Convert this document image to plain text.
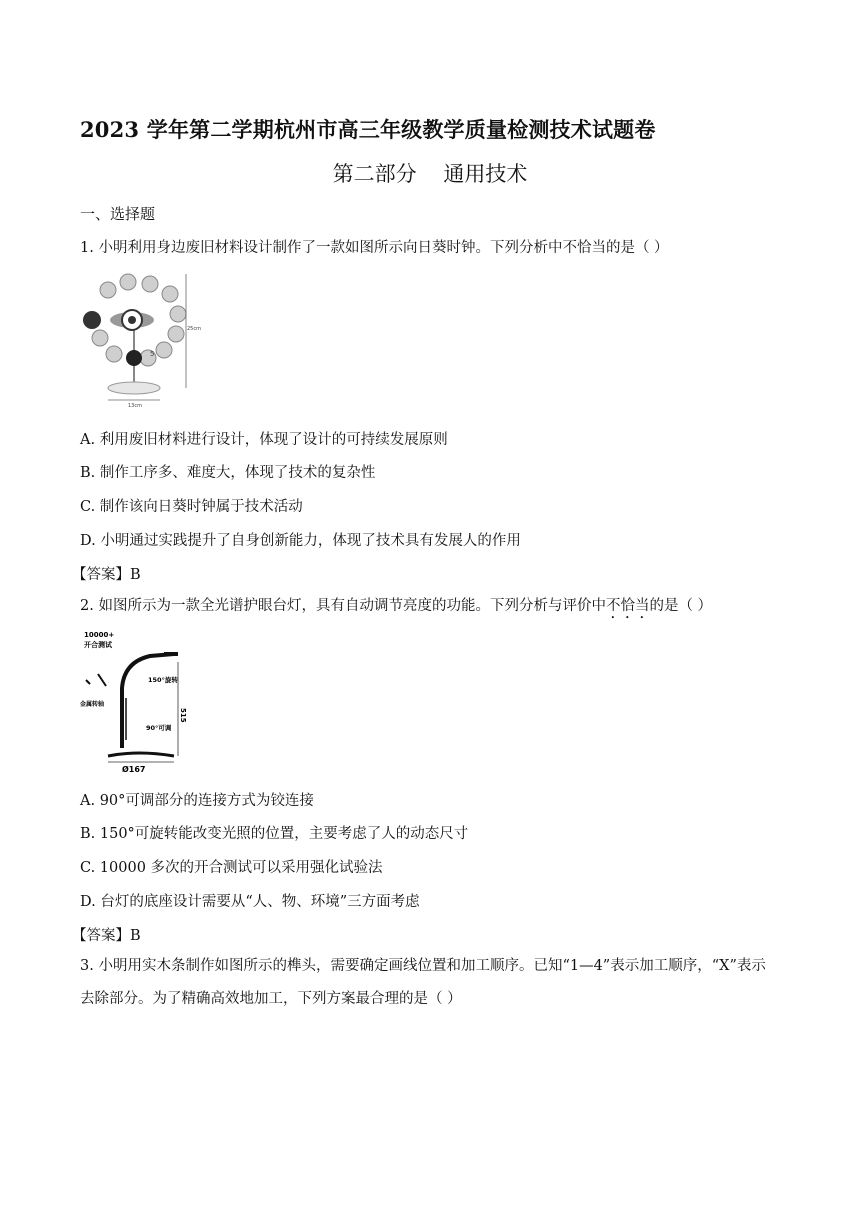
2023 学年第二学期杭州市高三年级教学质量检测技术试题卷
第二部分    通用技术
一、选择题
1. 小明利用身边废旧材料设计制作了一款如图所示向日葵时钟。下列分析中不恰当的是（ ）
5
25cm
13cm
A. 利用废旧材料进行设计，体现了设计的可持续发展原则
B. 制作工序多、难度大，体现了技术的复杂性
C. 制作该向日葵时钟属于技术活动
D. 小明通过实践提升了自身创新能力，体现了技术具有发展人的作用
【答案】B
2. 如图所示为一款全光谱护眼台灯，具有自动调节亮度的功能。下列分析与评价中不恰当的是（ ）
10000+
开合测试
金属转轴
150°旋转
90°可调
515
Ø167
A. 90°可调部分的连接方式为铰连接
B. 150°可旋转能改变光照的位置，主要考虑了人的动态尺寸
C. 10000 多次的开合测试可以采用强化试验法
D. 台灯的底座设计需要从“人、物、环境”三方面考虑
【答案】B
3. 小明用实木条制作如图所示的榫头，需要确定画线位置和加工顺序。已知“1—4”表示加工顺序，“X”表示去除部分。为了精确高效地加工，下列方案最合理的是（ ）
